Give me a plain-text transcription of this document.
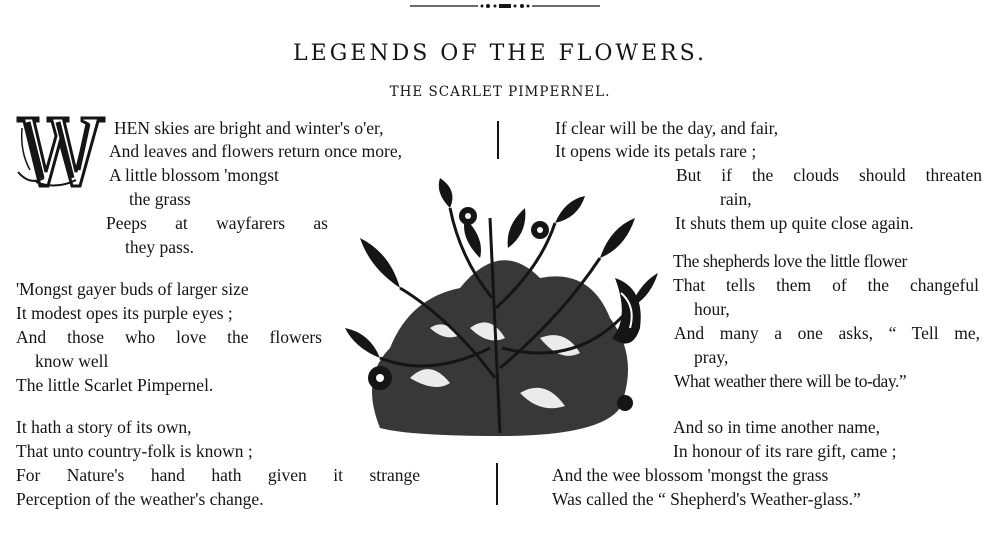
LEGENDS OF THE FLOWERS.
THE SCARLET PIMPERNEL.
HEN skies are bright and winter's o'er,
And leaves and flowers return once more,
A little blossom 'mongst
the grass
Peeps at wayfarers as
they pass.
'Mongst gayer buds of larger size
It modest opes its purple eyes ;
And those who love the flowers
know well
The little Scarlet Pimpernel.
It hath a story of its own,
That unto country-folk is known ;
For Nature's hand hath given it strange
Perception of the weather's change.
If clear will be the day, and fair,
It opens wide its petals rare ;
But if the clouds should threaten
rain,
It shuts them up quite close again.
The shepherds love the little flower
That tells them of the changeful
hour,
And many a one asks, “ Tell me,
pray,
What weather there will be to-day.”
And so in time another name,
In honour of its rare gift, came ;
And the wee blossom 'mongst the grass
Was called the “ Shepherd's Weather-glass.”
